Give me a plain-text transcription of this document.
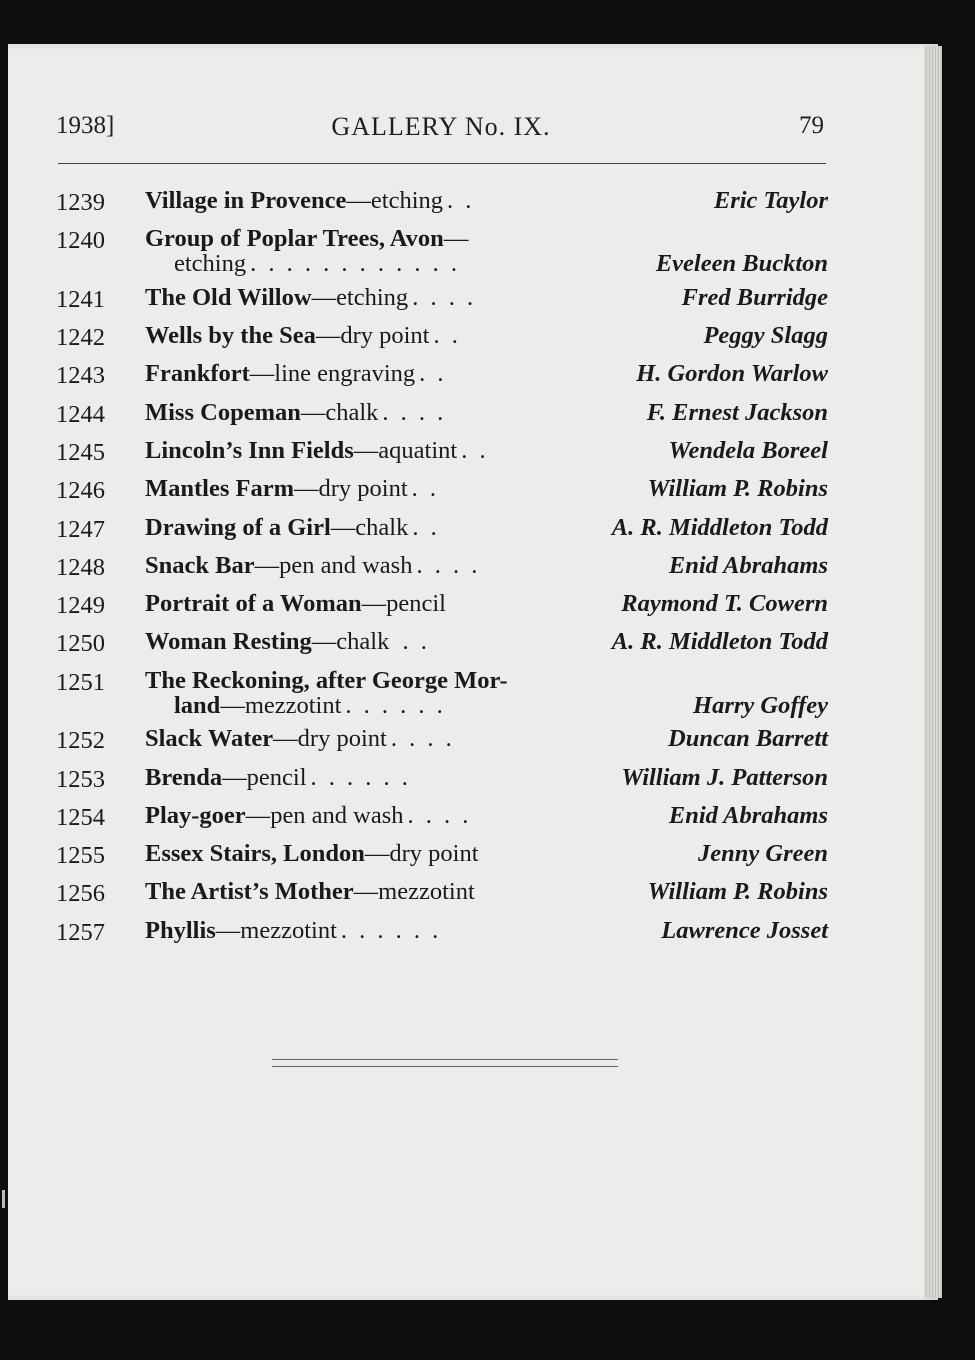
1938]	GALLERY No. IX.	79
1239	Village in Provence—etching . .	Eric Taylor
1240	Group of Poplar Trees, Avon—
etching . . . . . . . . . . . .	Eveleen Buckton
1241	The Old Willow—etching . . . .	Fred Burridge
1242	Wells by the Sea—dry point . .	Peggy Slagg
1243	Frankfort—line engraving . .	H. Gordon Warlow
1244	Miss Copeman—chalk . . . .	F. Ernest Jackson
1245	Lincoln’s Inn Fields—aquatint . .	Wendela Boreel
1246	Mantles Farm—dry point . .	William P. Robins
1247	Drawing of a Girl—chalk . .	A. R. Middleton Todd
1248	Snack Bar—pen and wash . . . .	Enid Abrahams
1249	Portrait of a Woman—pencil	Raymond T. Cowern
1250	Woman Resting—chalk . .	A. R. Middleton Todd
1251	The Reckoning, after George Mor-
land—mezzotint . . . . . .	Harry Goffey
1252	Slack Water—dry point . . . .	Duncan Barrett
1253	Brenda—pencil . . . . . .	William J. Patterson
1254	Play-goer—pen and wash . . . .	Enid Abrahams
1255	Essex Stairs, London—dry point	Jenny Green
1256	The Artist’s Mother—mezzotint	William P. Robins
1257	Phyllis—mezzotint . . . . . .	Lawrence Josset
